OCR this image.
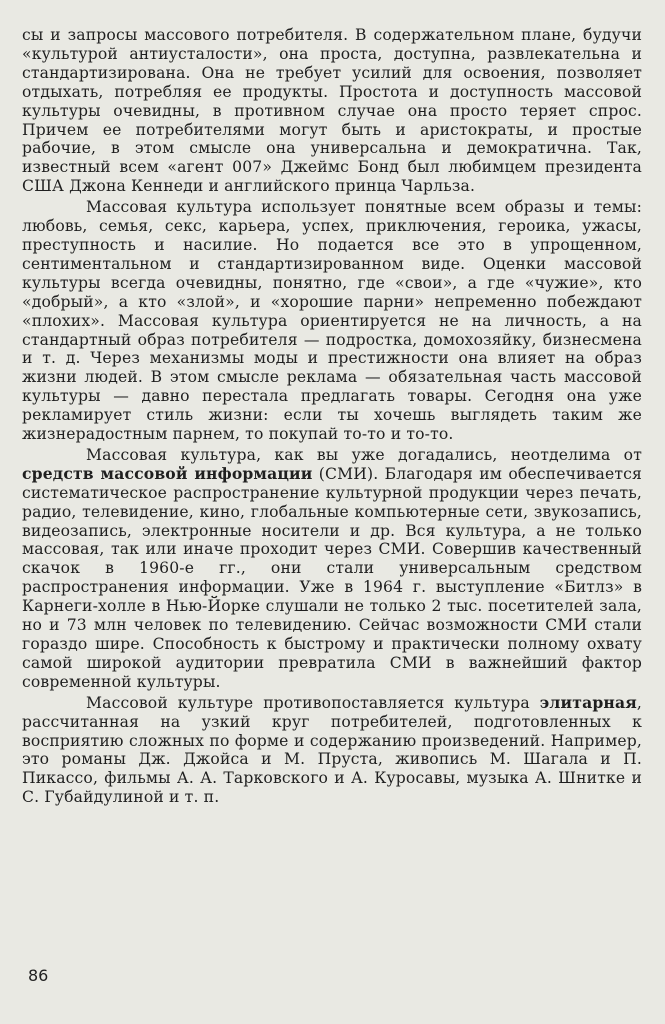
сы и запросы массового потребителя. В содержательном плане, будучи «культурой антиусталости», она проста, доступна, развлекательна и стандартизирована. Она не требует усилий для освоения, позволяет отдыхать, потребляя ее продукты. Простота и доступность массовой культуры очевидны, в противном случае она просто теряет спрос. Причем ее потребителями могут быть и аристократы, и простые рабочие, в этом смысле она универсальна и демократична. Так, известный всем «агент 007» Джеймс Бонд был любимцем президента США Джона Кеннеди и английского принца Чарльза.

Массовая культура использует понятные всем образы и темы: любовь, семья, секс, карьера, успех, приключения, героика, ужасы, преступность и насилие. Но подается все это в упрощенном, сентиментальном и стандартизированном виде. Оценки массовой культуры всегда очевидны, понятно, где «свои», а где «чужие», кто «добрый», а кто «злой», и «хорошие парни» непременно побеждают «плохих». Массовая культура ориентируется не на личность, а на стандартный образ потребителя — подростка, домохозяйку, бизнесмена и т. д. Через механизмы моды и престижности она влияет на образ жизни людей. В этом смысле реклама — обязательная часть массовой культуры — давно перестала предлагать товары. Сегодня она уже рекламирует стиль жизни: если ты хочешь выглядеть таким же жизнерадостным парнем, то покупай то-то и то-то.

Массовая культура, как вы уже догадались, неотделима от средств массовой информации (СМИ). Благодаря им обеспечивается систематическое распространение культурной продукции через печать, радио, телевидение, кино, глобальные компьютерные сети, звукозапись, видеозапись, электронные носители и др. Вся культура, а не только массовая, так или иначе проходит через СМИ. Совершив качественный скачок в 1960-е гг., они стали универсальным средством распространения информации. Уже в 1964 г. выступление «Битлз» в Карнеги-холле в Нью-Йорке слушали не только 2 тыс. посетителей зала, но и 73 млн человек по телевидению. Сейчас возможности СМИ стали гораздо шире. Способность к быстрому и практически полному охвату самой широкой аудитории превратила СМИ в важнейший фактор современной культуры.

Массовой культуре противопоставляется культура элитарная, рассчитанная на узкий круг потребителей, подготовленных к восприятию сложных по форме и содержанию произведений. Например, это романы Дж. Джойса и М. Пруста, живопись М. Шагала и П. Пикассо, фильмы А. А. Тарковского и А. Куросавы, музыка А. Шнитке и С. Губайдулиной и т. п.

86
